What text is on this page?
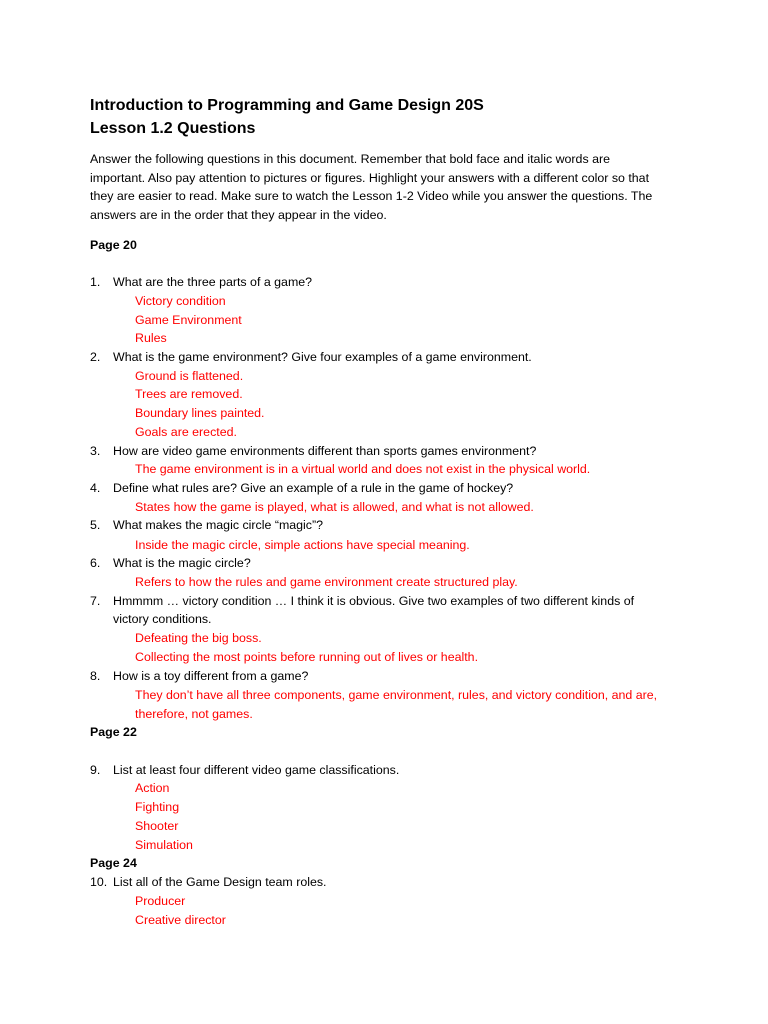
Introduction to Programming and Game Design 20S
Lesson 1.2 Questions
Answer the following questions in this document. Remember that bold face and italic words are
important. Also pay attention to pictures or figures. Highlight your answers with a different color so that
they are easier to read. Make sure to watch the Lesson 1-2 Video while you answer the questions. The
answers are in the order that they appear in the video.
Page 20
1. What are the three parts of a game?
Victory condition
Game Environment
Rules
2. What is the game environment? Give four examples of a game environment.
Ground is flattened.
Trees are removed.
Boundary lines painted.
Goals are erected.
3. How are video game environments different than sports games environment?
The game environment is in a virtual world and does not exist in the physical world.
4. Define what rules are? Give an example of a rule in the game of hockey?
States how the game is played, what is allowed, and what is not allowed.
5. What makes the magic circle “magic”?
Inside the magic circle, simple actions have special meaning.
6. What is the magic circle?
Refers to how the rules and game environment create structured play.
7. Hmmmm … victory condition … I think it is obvious. Give two examples of two different kinds of
victory conditions.
Defeating the big boss.
Collecting the most points before running out of lives or health.
8. How is a toy different from a game?
They don’t have all three components, game environment, rules, and victory condition, and are,
therefore, not games.
Page 22
9. List at least four different video game classifications.
Action
Fighting
Shooter
Simulation
Page 24
10. List all of the Game Design team roles.
Producer
Creative director
